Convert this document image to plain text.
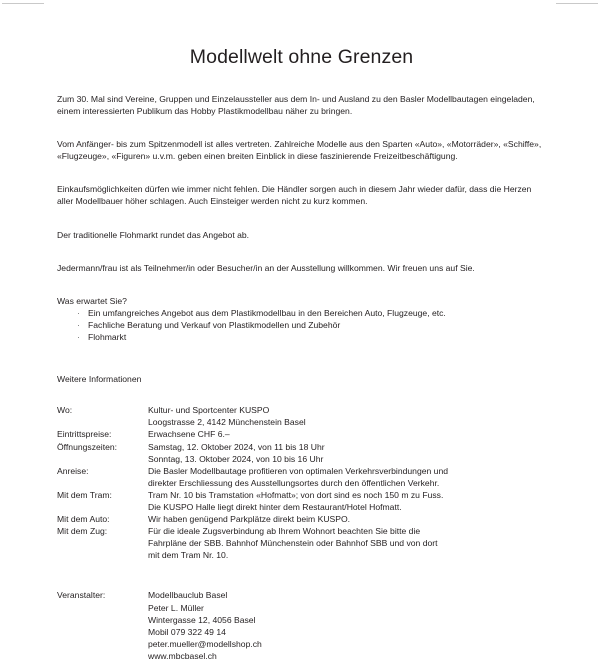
Modellwelt ohne Grenzen

Zum 30. Mal sind Vereine, Gruppen und Einzelaussteller aus dem In- und Ausland zu den Basler Modellbautagen eingeladen, einem interessierten Publikum das Hobby Plastikmodellbau näher zu bringen.

Vom Anfänger- bis zum Spitzenmodell ist alles vertreten. Zahlreiche Modelle aus den Sparten «Auto», «Motorräder», «Schiffe», «Flugzeuge», «Figuren» u.v.m. geben einen breiten Einblick in diese faszinierende Freizeitbeschäftigung.

Einkaufsmöglichkeiten dürfen wie immer nicht fehlen. Die Händler sorgen auch in diesem Jahr wieder dafür, dass die Herzen aller Modellbauer höher schlagen. Auch Einsteiger werden nicht zu kurz kommen.

Der traditionelle Flohmarkt rundet das Angebot ab.

Jedermann/frau ist als Teilnehmer/in oder Besucher/in an der Ausstellung willkommen. Wir freuen uns auf Sie.

Was erwartet Sie?

· Ein umfangreiches Angebot aus dem Plastikmodellbau in den Bereichen Auto, Flugzeuge, etc.
· Fachliche Beratung und Verkauf von Plastikmodellen und Zubehör
· Flohmarkt

Weitere Informationen

Wo:	Kultur- und Sportcenter KUSPO
Loogstrasse 2, 4142 Münchenstein Basel

Eintrittspreise:	Erwachsene CHF 6.–

Öffnungszeiten:	Samstag, 12. Oktober 2024, von 11 bis 18 Uhr
Sonntag, 13. Oktober 2024, von 10 bis 16 Uhr

Anreise:	Die Basler Modellbautage profitieren von optimalen Verkehrsverbindungen und
direkter Erschliessung des Ausstellungsortes durch den öffentlichen Verkehr.

Mit dem Tram:	Tram Nr. 10 bis Tramstation «Hofmatt»; von dort sind es noch 150 m zu Fuss.
Die KUSPO Halle liegt direkt hinter dem Restaurant/Hotel Hofmatt.

Mit dem Auto:	Wir haben genügend Parkplätze direkt beim KUSPO.

Mit dem Zug:	Für die ideale Zugsverbindung ab Ihrem Wohnort beachten Sie bitte die
Fahrpläne der SBB. Bahnhof Münchenstein oder Bahnhof SBB und von dort
mit dem Tram Nr. 10.
Veranstalter:	Modellbauclub Basel
Peter L. Müller
Wintergasse 12, 4056 Basel
Mobil 079 322 49 14
peter.mueller@modellshop.ch
www.mbcbasel.ch
